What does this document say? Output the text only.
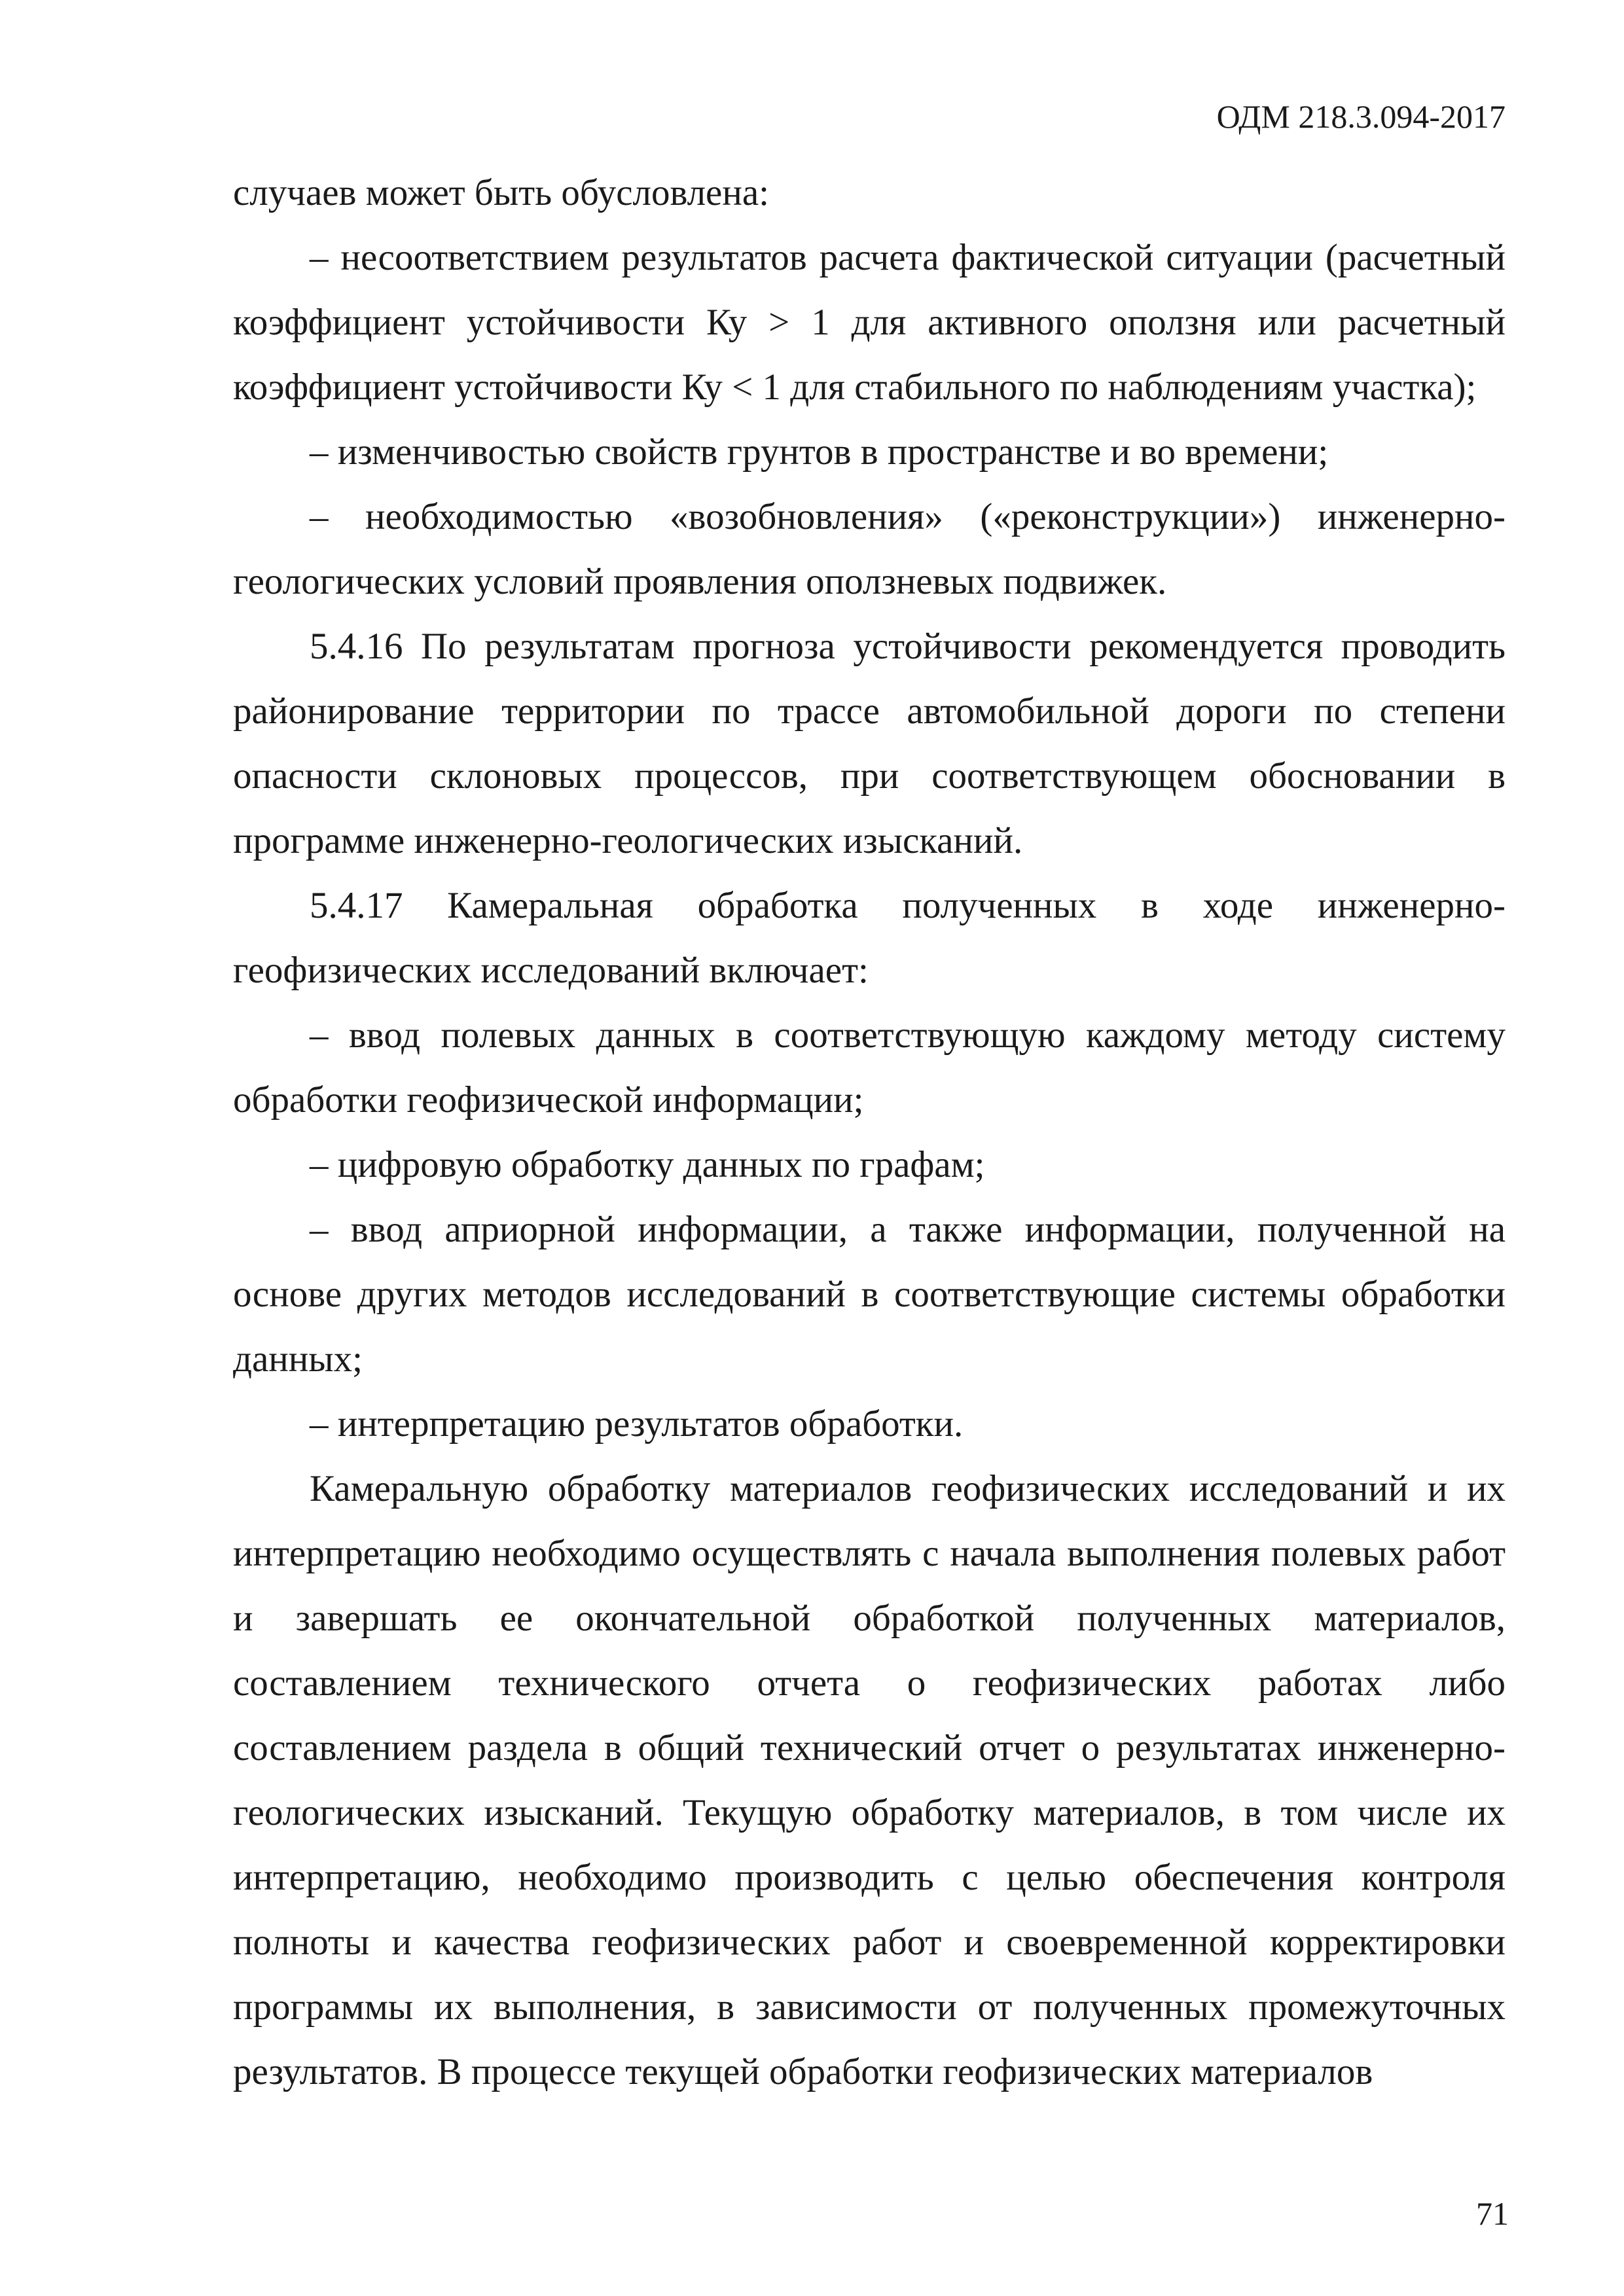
ОДМ 218.3.094-2017

случаев может быть обусловлена:

– несоответствием результатов расчета фактической ситуации (расчетный коэффициент устойчивости Ку > 1 для активного оползня или расчетный коэффициент устойчивости Ку < 1 для стабильного по наблюдениям участка);

– изменчивостью свойств грунтов в пространстве и во времени;

– необходимостью «возобновления» («реконструкции») инженерно-геологических условий проявления оползневых подвижек.

5.4.16 По результатам прогноза устойчивости рекомендуется проводить районирование территории по трассе автомобильной дороги по степени опасности склоновых процессов, при соответствующем обосновании в программе инженерно-геологических изысканий.

5.4.17 Камеральная обработка полученных в ходе инженерно-геофизических исследований включает:

– ввод полевых данных в соответствующую каждому методу систему обработки геофизической информации;

– цифровую обработку данных по графам;

– ввод априорной информации, а также информации, полученной на основе других методов исследований в соответствующие системы обработки данных;

– интерпретацию результатов обработки.

Камеральную обработку материалов геофизических исследований и их интерпретацию необходимо осуществлять с начала выполнения полевых работ и завершать ее окончательной обработкой полученных материалов, составлением технического отчета о геофизических работах либо составлением раздела в общий технический отчет о результатах инженерно-геологических изысканий. Текущую обработку материалов, в том числе их интерпретацию, необходимо производить с целью обеспечения контроля полноты и качества геофизических работ и своевременной корректировки программы их выполнения, в зависимости от полученных промежуточных результатов. В процессе текущей обработки геофизических материалов

71
